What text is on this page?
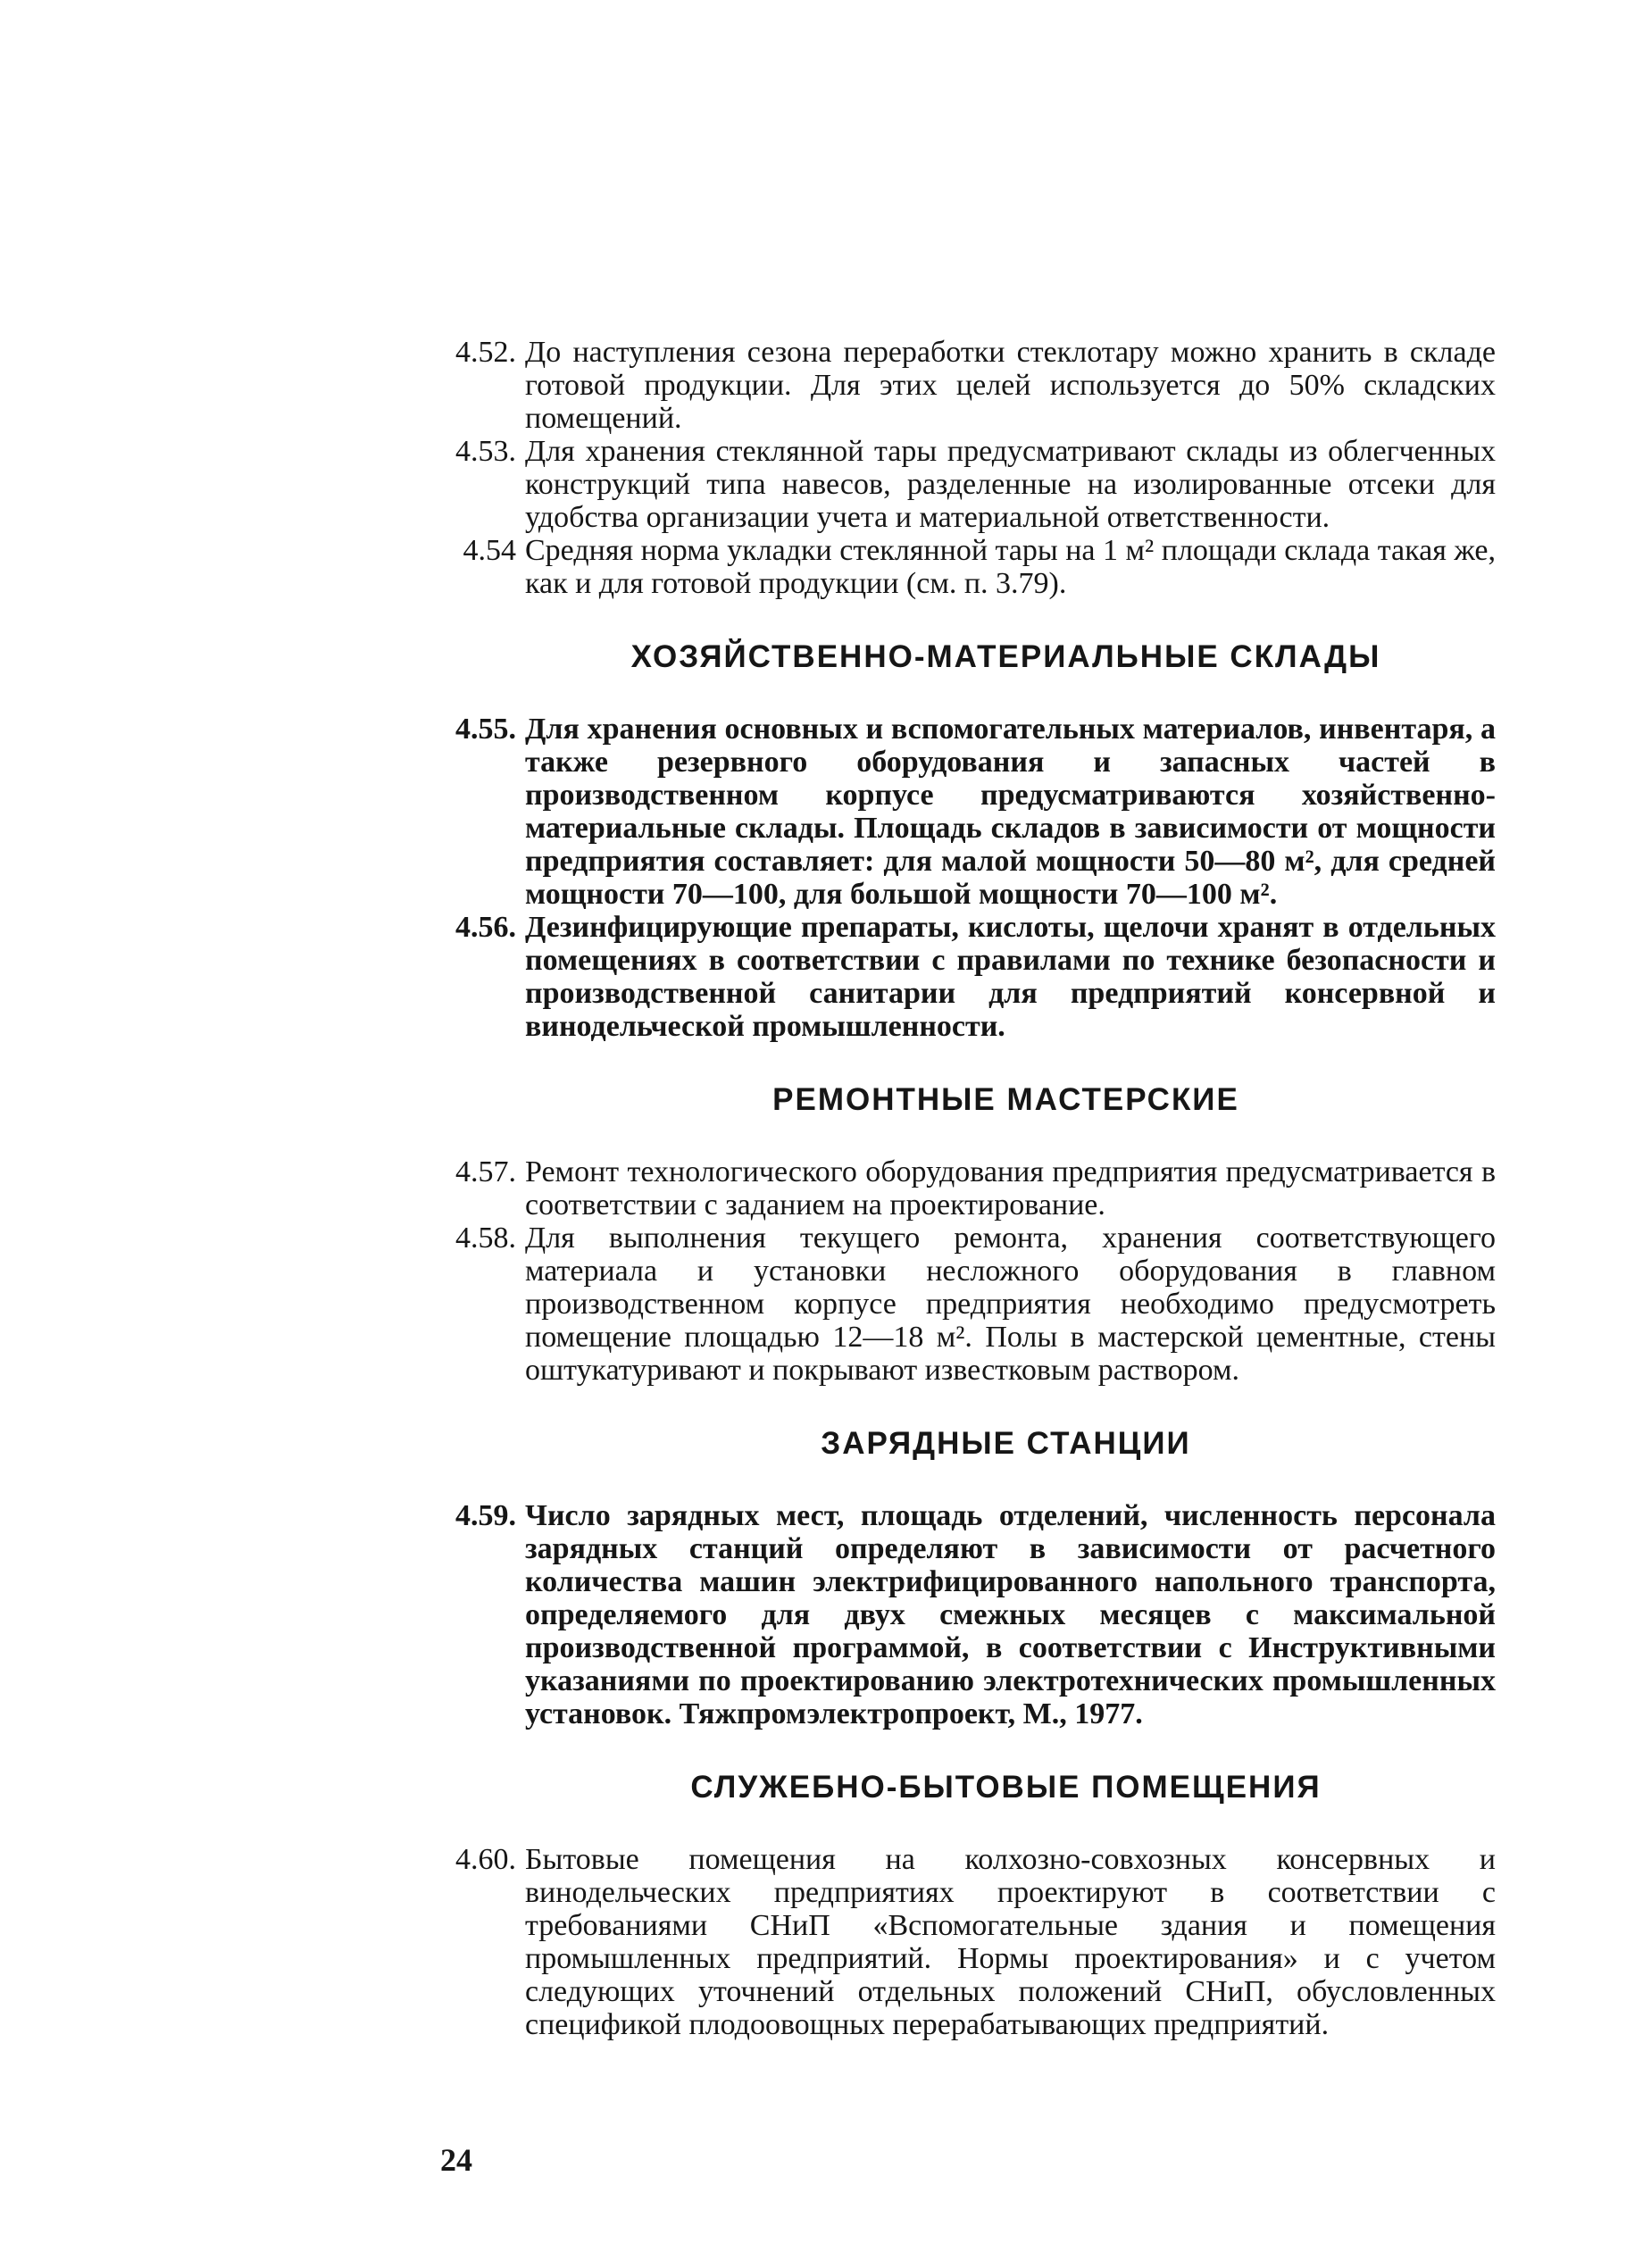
4.52. До наступления сезона переработки стеклотару можно хранить в складе готовой продукции. Для этих целей используется до 50% складских помещений.
4.53. Для хранения стеклянной тары предусматривают склады из облегченных конструкций типа навесов, разделенные на изолированные отсеки для удобства организации учета и материальной ответственности.
4.54 Средняя норма укладки стеклянной тары на 1 м² площади склада такая же, как и для готовой продукции (см. п. 3.79).
ХОЗЯЙСТВЕННО-МАТЕРИАЛЬНЫЕ СКЛАДЫ
4.55. Для хранения основных и вспомогательных материалов, инвентаря, а также резервного оборудования и запасных частей в производственном корпусе предусматриваются хозяйственно-материальные склады. Площадь складов в зависимости от мощности предприятия составляет: для малой мощности 50—80 м², для средней мощности 70—100, для большой мощности 70—100 м².
4.56. Дезинфицирующие препараты, кислоты, щелочи хранят в отдельных помещениях в соответствии с правилами по технике безопасности и производственной санитарии для предприятий консервной и винодельческой промышленности.
РЕМОНТНЫЕ МАСТЕРСКИЕ
4.57. Ремонт технологического оборудования предприятия предусматривается в соответствии с заданием на проектирование.
4.58. Для выполнения текущего ремонта, хранения соответствующего материала и установки несложного оборудования в главном производственном корпусе предприятия необходимо предусмотреть помещение площадью 12—18 м². Полы в мастерской цементные, стены оштукатуривают и покрывают известковым раствором.
ЗАРЯДНЫЕ СТАНЦИИ
4.59. Число зарядных мест, площадь отделений, численность персонала зарядных станций определяют в зависимости от расчетного количества машин электрифицированного напольного транспорта, определяемого для двух смежных месяцев с максимальной производственной программой, в соответствии с Инструктивными указаниями по проектированию электротехнических промышленных установок. Тяжпромэлектропроект, М., 1977.
СЛУЖЕБНО-БЫТОВЫЕ ПОМЕЩЕНИЯ
4.60. Бытовые помещения на колхозно-совхозных консервных и винодельческих предприятиях проектируют в соответствии с требованиями СНиП «Вспомогательные здания и помещения промышленных предприятий. Нормы проектирования» и с учетом следующих уточнений отдельных положений СНиП, обусловленных спецификой плодоовощных перерабатывающих предприятий.
24
